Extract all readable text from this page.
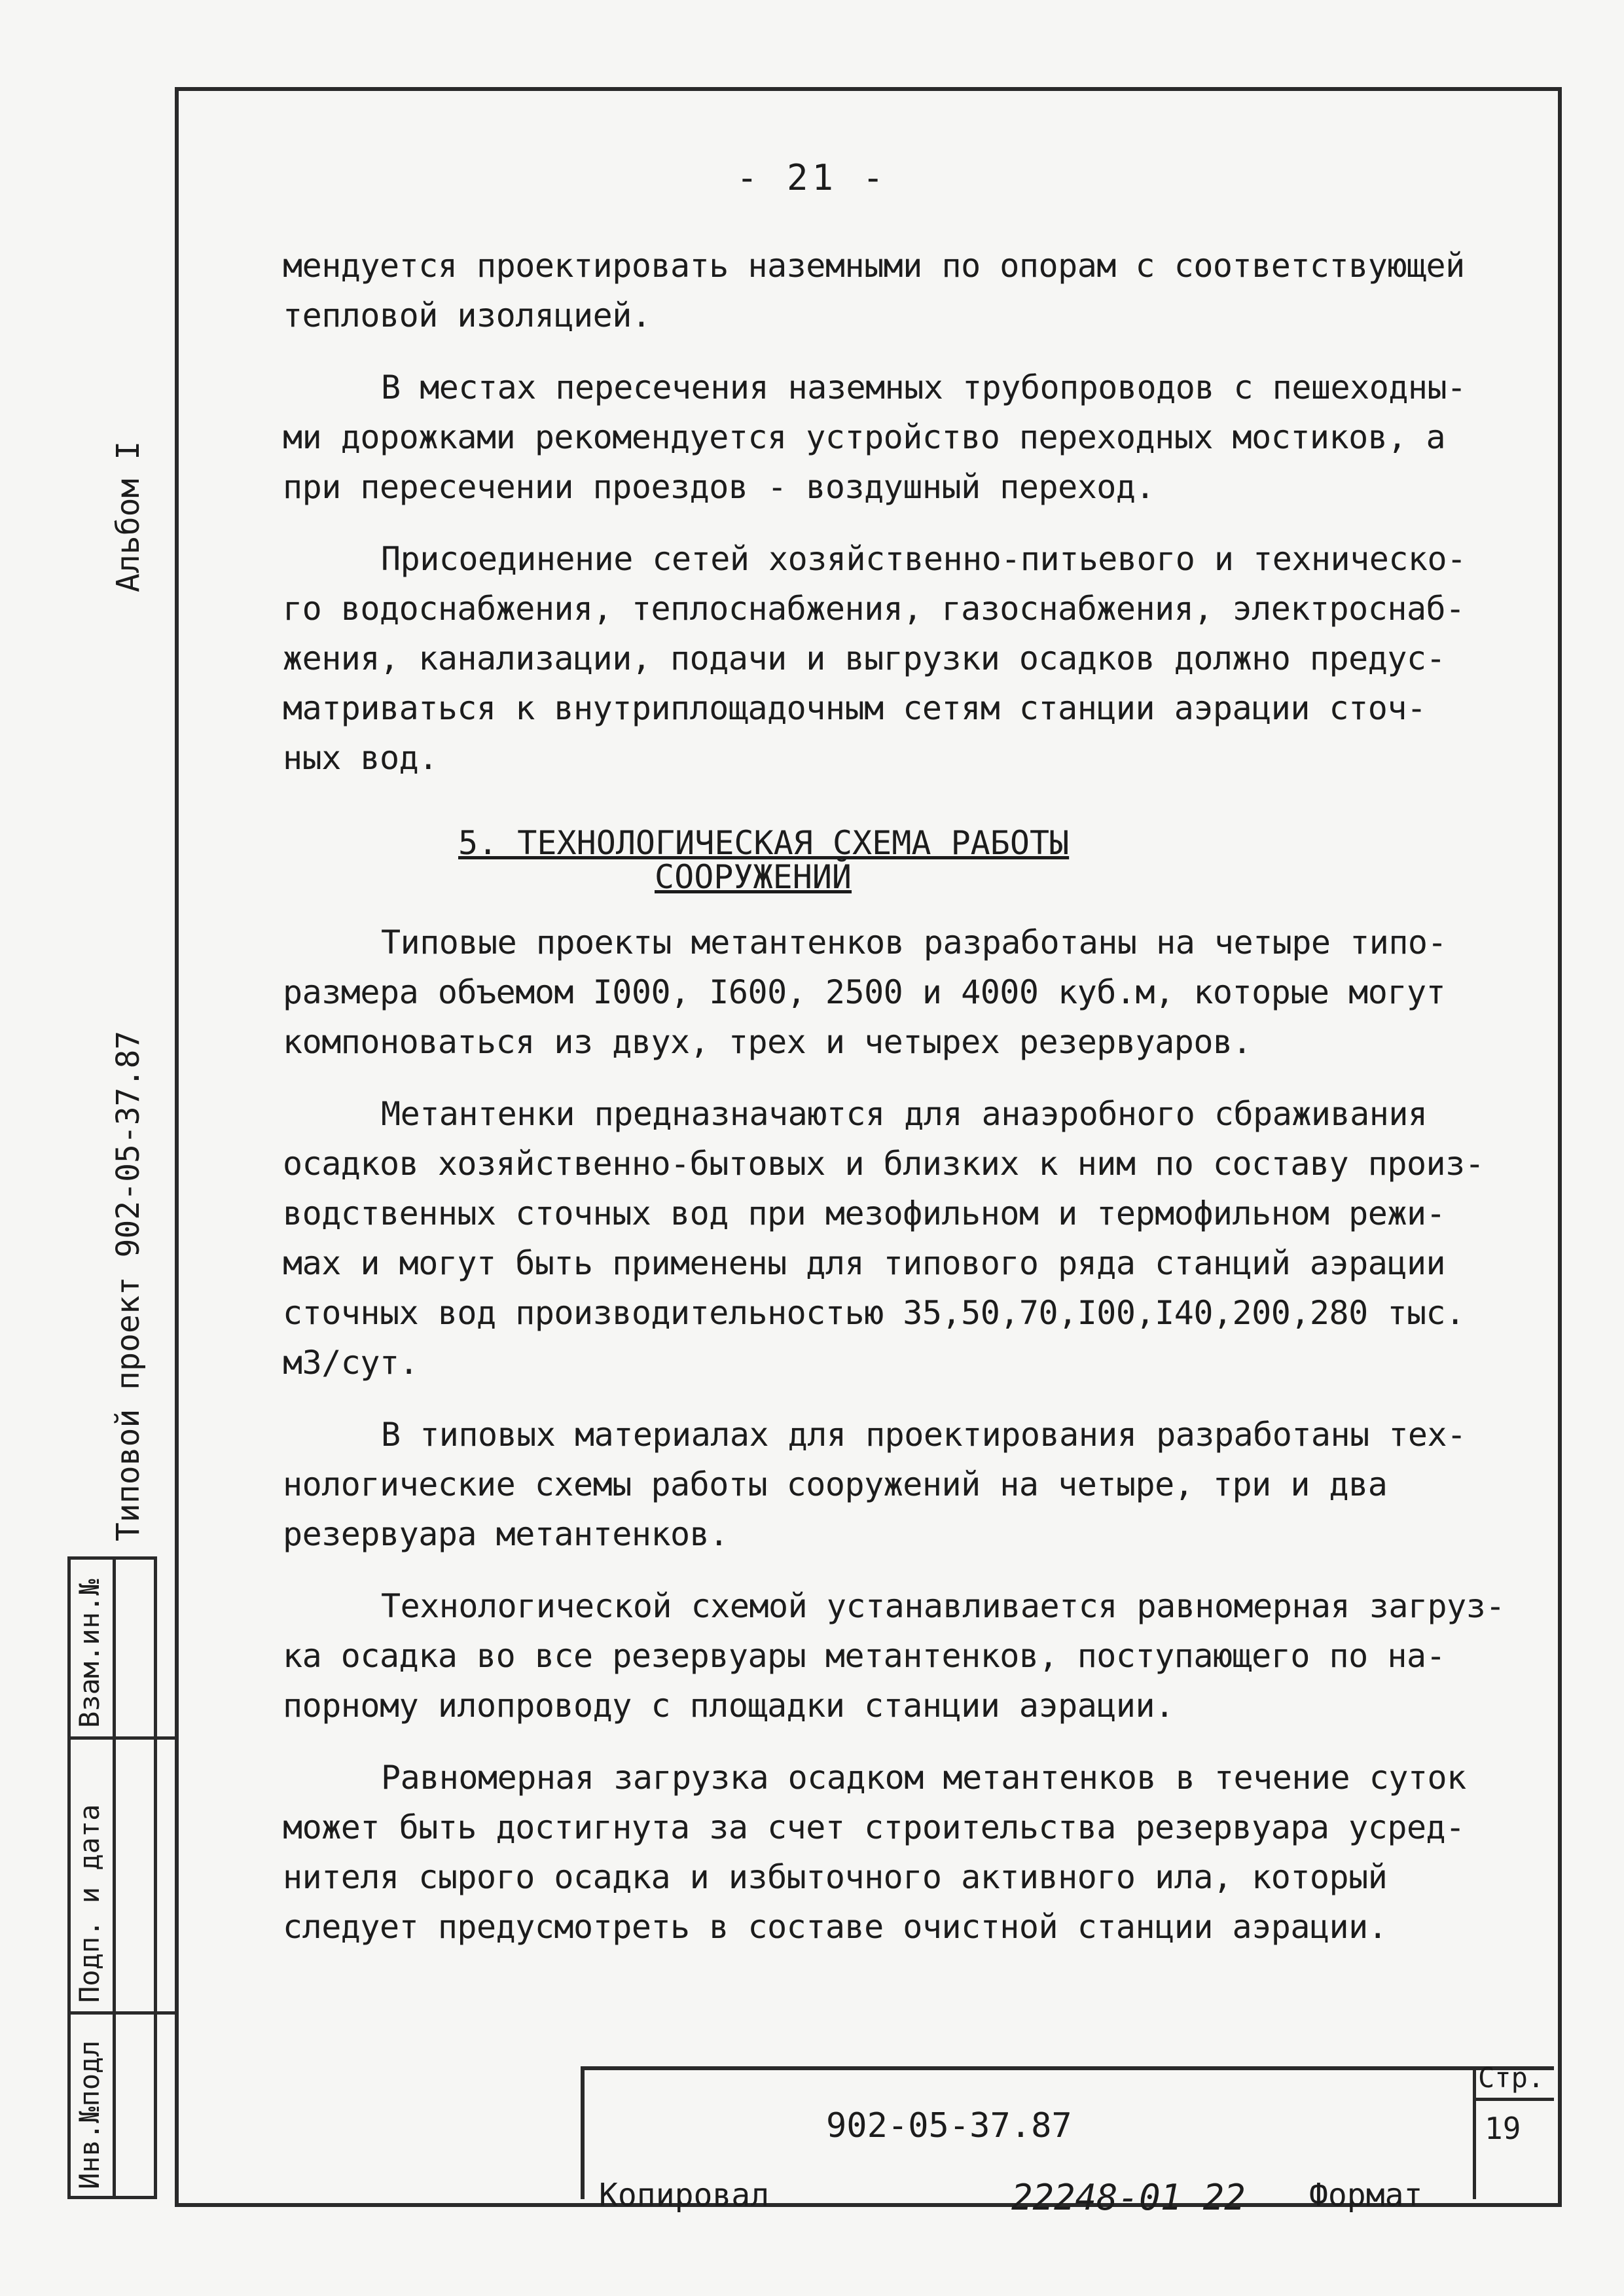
- 21 -

мендуется проектировать наземными по опорам с соответствующей
тепловой изоляцией.

В местах пересечения наземных трубопроводов с пешеходны-
ми дорожками рекомендуется устройство переходных мостиков, а
при пересечении проездов - воздушный переход.

Присоединение сетей хозяйственно-питьевого и техническо-
го водоснабжения, теплоснабжения, газоснабжения, электроснаб-
жения, канализации, подачи и выгрузки осадков должно предус-
матриваться к внутриплощадочным сетям станции аэрации сточ-
ных вод.

5. ТЕХНОЛОГИЧЕСКАЯ СХЕМА РАБОТЫ
СООРУЖЕНИЙ

Типовые проекты метантенков разработаны на четыре типо-
размера объемом I000, I600, 2500 и 4000 куб.м, которые могут
компоноваться из двух, трех и четырех резервуаров.

Метантенки предназначаются для анаэробного сбраживания
осадков хозяйственно-бытовых и близких к ним по составу произ-
водственных сточных вод при мезофильном и термофильном режи-
мах и могут быть применены для типового ряда станций аэрации
сточных вод производительностью 35,50,70,I00,I40,200,280 тыс.
м3/сут.

В типовых материалах для проектирования разработаны тех-
нологические схемы работы сооружений на четыре, три и два
резервуара метантенков.

Технологической схемой устанавливается равномерная загруз-
ка осадка во все резервуары метантенков, поступающего по на-
порному илопроводу с площадки станции аэрации.

Равномерная загрузка осадком метантенков в течение суток
может быть достигнута за счет строительства резервуара усред-
нителя сырого осадка и избыточного активного ила, который
следует предусмотреть в составе очистной станции аэрации.

Альбом I
Типовой проект 902-05-37.87
Взам.ин.№
Подп. и дата
Инв.№подл	902-05-37.87
Стр.
19
Копировал	22248-01 22 Формат
